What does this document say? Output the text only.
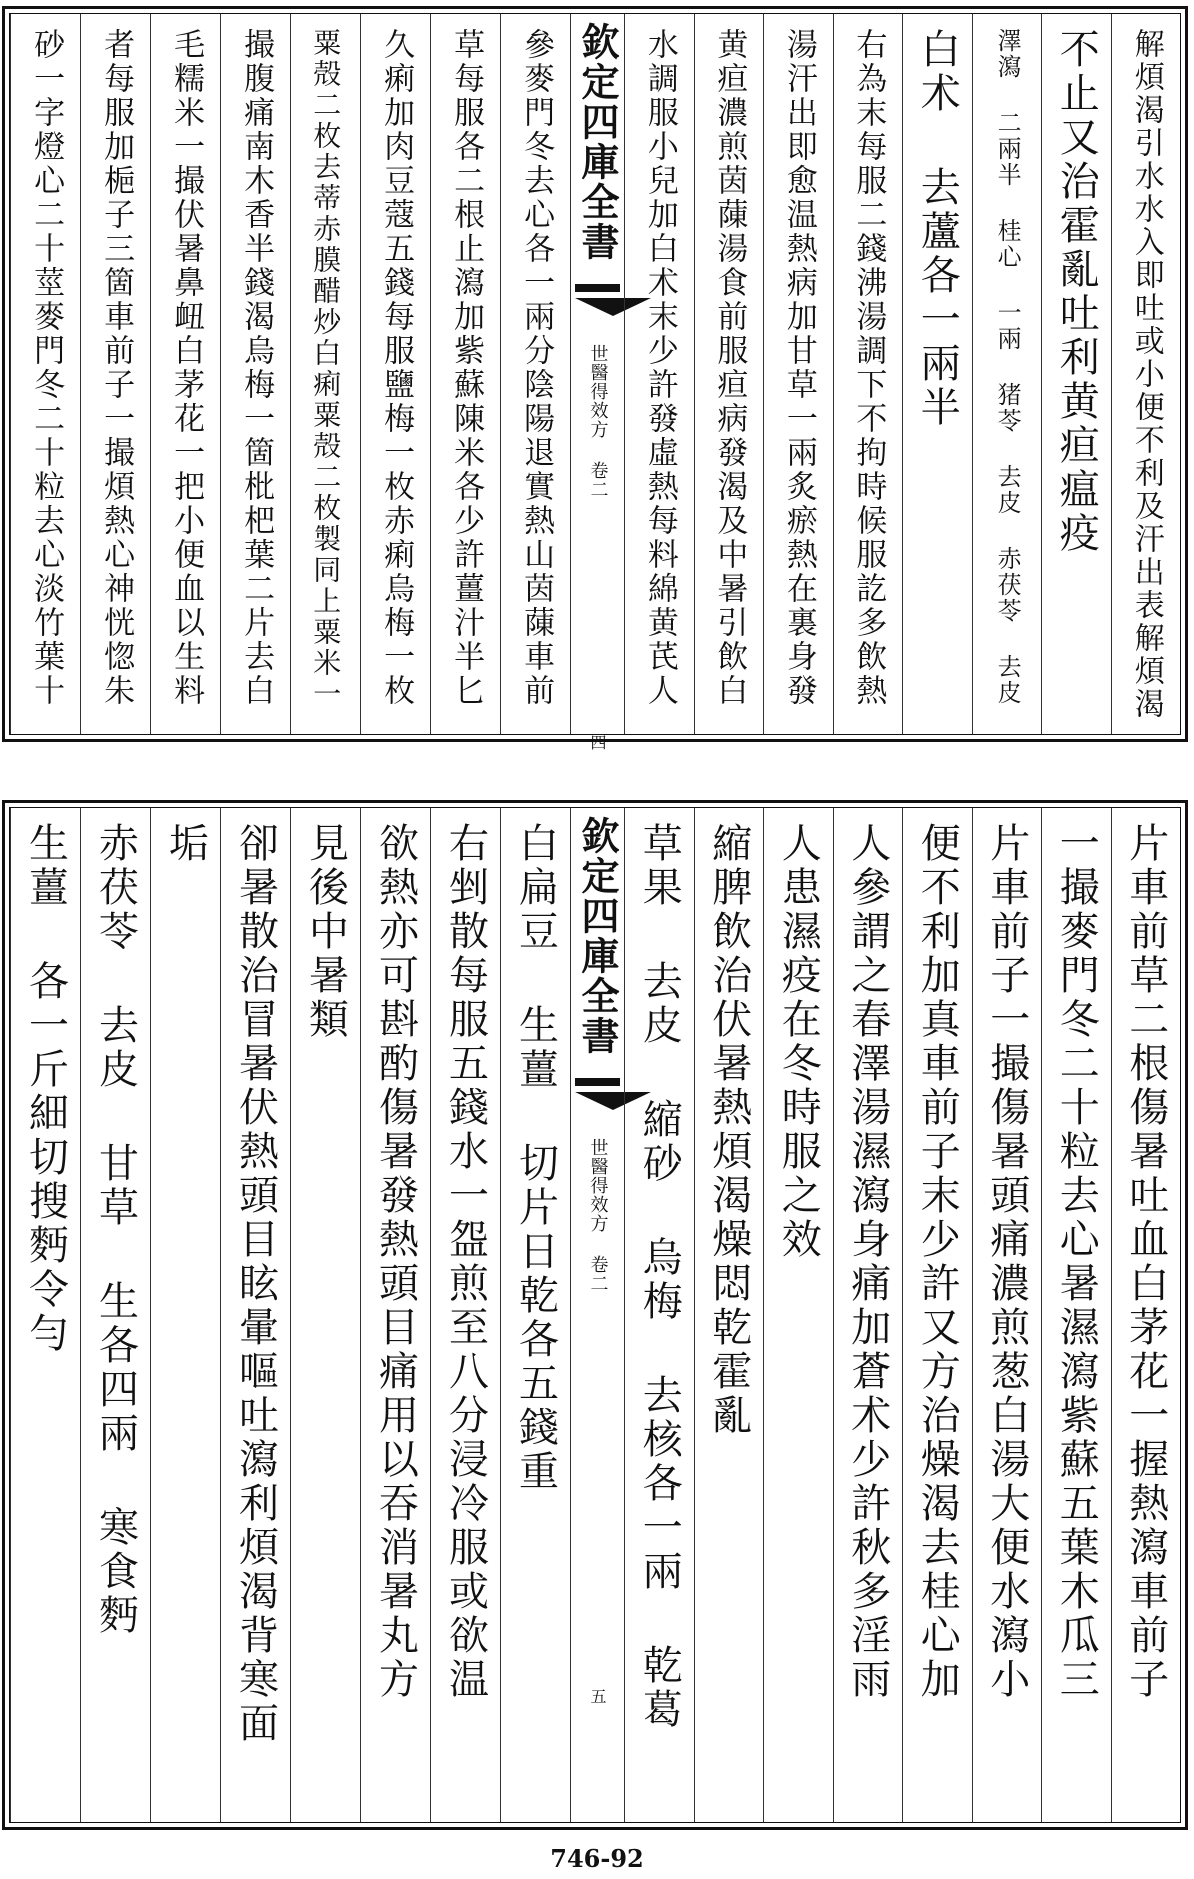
參麥門冬去心各一兩分陰陽退實熱山茵蔯車前
草每服各二根止瀉加紫蘇陳米各少許薑汁半匕
久痢加肉豆蔻五錢每服鹽梅一枚赤痢烏梅一枚
粟殻二枚去蒂赤膜醋炒白痢粟殻二枚製同上粟米一
撮腹痛南木香半錢渴烏梅一箇枇杷葉二片去白
毛糯米一撮伏暑鼻衄白茅花一把小便血以生料
者每服加梔子三箇車前子一撮煩熱心神恍惚朱
砂一字燈心二十莖麥門冬二十粒去心淡竹葉十	欽定四庫全書
世醫得效方 卷二
四
解煩渴引水水入即吐或小便不利及汗出表解煩渴
不止又治霍亂吐利黄疸瘟疫
澤瀉 二兩半 桂心 一兩 猪苓 去皮 赤茯苓 去皮
白术 去蘆各一兩半
右為末每服二錢沸湯調下不拘時候服訖多飲熱
湯汗出即愈温熱病加甘草一兩炙瘀熱在裏身發
黄疸濃煎茵蔯湯食前服疸病發渴及中暑引飲白
水調服小兒加白术末少許發虛熱每料綿黄芪人
白扁豆 生薑 切片日乾各五錢重
右剉散每服五錢水一盌煎至八分浸冷服或欲温
欲熱亦可斟酌傷暑發熱頭目痛用以吞消暑丸方
見後中暑類
卻暑散治冒暑伏熱頭目眩暈嘔吐瀉利煩渴背寒面
垢
赤茯苓 去皮 甘草 生各四兩 寒食麪
生薑 各一斤細切搜麪令勻	欽定四庫全書
世醫得效方 卷二
五	片車前草二根傷暑吐血白茅花一握熱瀉車前子
一撮麥門冬二十粒去心暑濕瀉紫蘇五葉木瓜三
片車前子一撮傷暑頭痛濃煎葱白湯大便水瀉小
便不利加真車前子末少許又方治燥渴去桂心加
人參謂之春澤湯濕瀉身痛加蒼术少許秋多淫雨
人患濕疫在冬時服之效
縮脾飲治伏暑熱煩渴燥悶乾霍亂
草果 去皮 縮砂 烏梅 去核各一兩 乾葛
746-92
